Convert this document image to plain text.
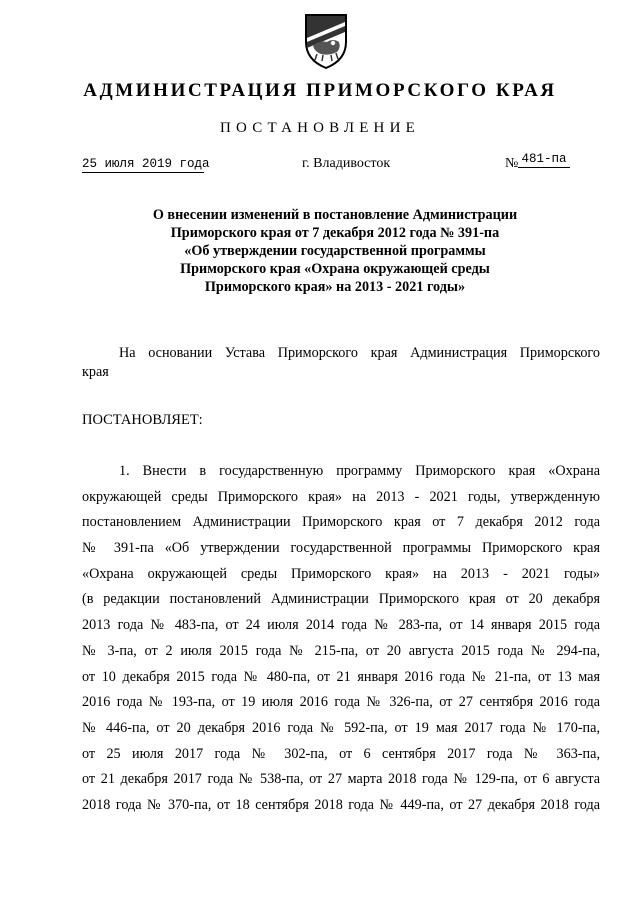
АДМИНИСТРАЦИЯ ПРИМОРСКОГО КРАЯ
ПОСТАНОВЛЕНИЕ
25 июля 2019 года	г. Владивосток	№ 481-па
О внесении изменений в постановление Администрации
Приморского края от 7 декабря 2012 года № 391-па
«Об утверждении государственной программы
Приморского края «Охрана окружающей среды
Приморского края» на 2013 - 2021 годы»
На основании Устава Приморского края Администрация Приморского
края
ПОСТАНОВЛЯЕТ:
1. Внести в государственную программу Приморского края «Охрана
окружающей среды Приморского края» на 2013 - 2021 годы, утвержденную
постановлением Администрации Приморского края от 7 декабря 2012 года
№ 391-па «Об утверждении государственной программы Приморского края
«Охрана окружающей среды Приморского края» на 2013 - 2021 годы»
(в редакции постановлений Администрации Приморского края от 20 декабря
2013 года № 483-па, от 24 июля 2014 года № 283-па, от 14 января 2015 года
№ 3-па, от 2 июля 2015 года № 215-па, от 20 августа 2015 года № 294-па,
от 10 декабря 2015 года № 480-па, от 21 января 2016 года № 21-па, от 13 мая
2016 года № 193-па, от 19 июля 2016 года № 326-па, от 27 сентября 2016 года
№ 446-па, от 20 декабря 2016 года № 592-па, от 19 мая 2017 года № 170-па,
от 25 июля 2017 года № 302-па, от 6 сентября 2017 года № 363-па,
от 21 декабря 2017 года № 538-па, от 27 марта 2018 года № 129-па, от 6 августа
2018 года № 370-па, от 18 сентября 2018 года № 449-па, от 27 декабря 2018 года
